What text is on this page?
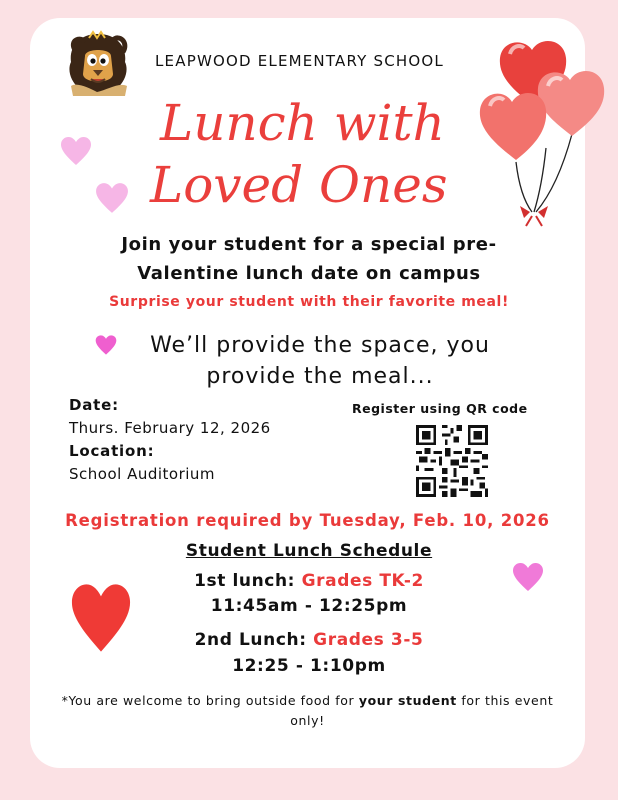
LEAPWOOD ELEMENTARY SCHOOL
Lunch with
Loved Ones
Join your student for a special pre-
Valentine lunch date on campus
Surprise your student with their favorite meal!
We’ll provide the space, you
provide the meal...
Date:
Thurs. February 12, 2026
Location:
School Auditorium
Register using QR code
Registration required by Tuesday, Feb. 10, 2026
Student Lunch Schedule
1st lunch: Grades TK-2
11:45am - 12:25pm
2nd Lunch: Grades 3-5
12:25 - 1:10pm
*You are welcome to bring outside food for your student for this event only!
